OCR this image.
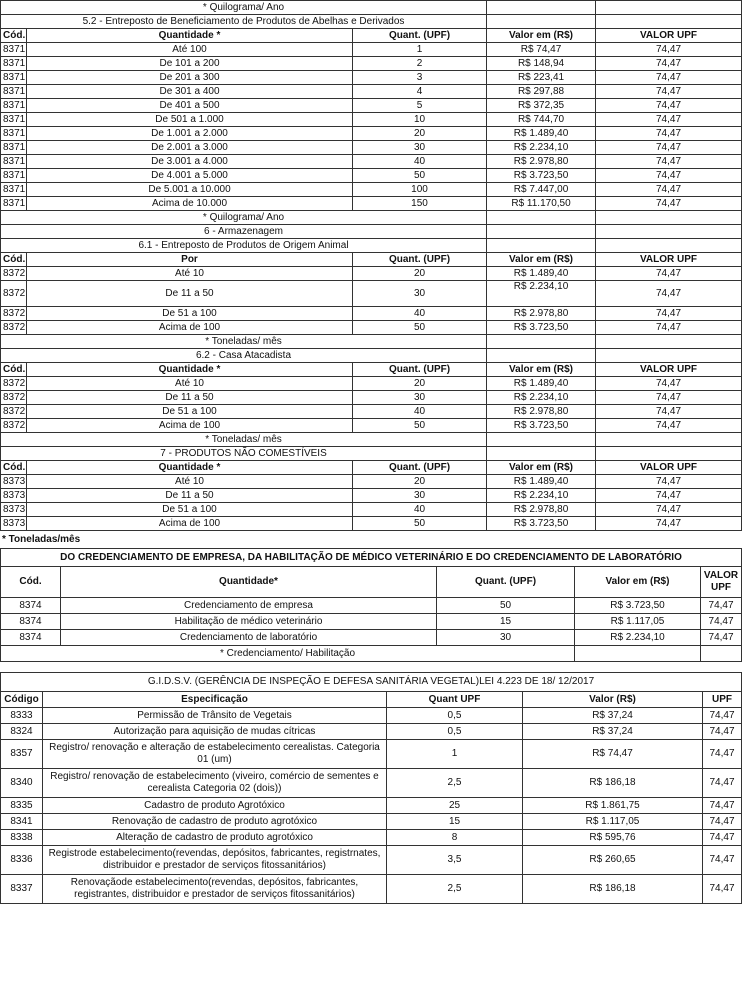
* Quilograma/ Ano				
5.2 - Entreposto de Beneficiamento de Produtos de Abelhas e Derivados				
Cód.	Quantidade *	Quant. (UPF)	Valor em (R$)	VALOR UPF
8371	Até 100	1	R$ 74,47	74,47
8371	De 101 a 200	2	R$ 148,94	74,47
8371	De 201 a 300	3	R$ 223,41	74,47
8371	De 301 a 400	4	R$ 297,88	74,47
8371	De 401 a 500	5	R$ 372,35	74,47
8371	De 501 a 1.000	10	R$ 744,70	74,47
8371	De 1.001 a 2.000	20	R$ 1.489,40	74,47
8371	De 2.001 a 3.000	30	R$ 2.234,10	74,47
8371	De 3.001 a 4.000	40	R$ 2.978,80	74,47
8371	De 4.001 a 5.000	50	R$ 3.723,50	74,47
8371	De 5.001 a 10.000	100	R$ 7.447,00	74,47
8371	Acima de 10.000	150	R$ 11.170,50	74,47
* Quilograma/ Ano				
6 - Armazenagem				
6.1 - Entreposto de Produtos de Origem Animal				
Cód.	Por	Quant. (UPF)	Valor em (R$)	VALOR UPF
8372	Até 10	20	R$ 1.489,40	74,47
8372	De 11 a 50	30	R$ 2.234,10	74,47
8372	De 51 a 100	40	R$ 2.978,80	74,47
8372	Acima de 100	50	R$ 3.723,50	74,47
* Toneladas/ mês				
6.2 - Casa Atacadista				
Cód.	Quantidade *	Quant. (UPF)	Valor em (R$)	VALOR UPF
8372	Até 10	20	R$ 1.489,40	74,47
8372	De 11 a 50	30	R$ 2.234,10	74,47
8372	De 51 a 100	40	R$ 2.978,80	74,47
8372	Acima de 100	50	R$ 3.723,50	74,47
* Toneladas/ mês				
7 - PRODUTOS NÃO COMESTÍVEIS				
Cód.	Quantidade *	Quant. (UPF)	Valor em (R$)	VALOR UPF
8373	Até 10	20	R$ 1.489,40	74,47
8373	De 11 a 50	30	R$ 2.234,10	74,47
8373	De 51 a 100	40	R$ 2.978,80	74,47
8373	Acima de 100	50	R$ 3.723,50	74,47
* Toneladas/mês
DO CREDENCIAMENTO DE EMPRESA, DA HABILITAÇÃO DE MÉDICO VETERINÁRIO E DO CREDENCIAMENTO DE LABORATÓRIO				
Cód.	Quantidade*	Quant. (UPF)	Valor em (R$)	VALOR UPF
8374	Credenciamento de empresa	50	R$ 3.723,50	74,47
8374	Habilitação de médico veterinário	15	R$ 1.117,05	74,47
8374	Credenciamento de laboratório	30	R$ 2.234,10	74,47
* Credenciamento/ Habilitação				
G.I.D.S.V. (GERÊNCIA DE INSPEÇÃO E DEFESA SANITÁRIA VEGETAL)LEI 4.223 DE 18/ 12/2017				
Código	Especificação	Quant UPF	Valor (R$)	UPF
8333	Permissão de Trânsito de Vegetais	0,5	R$ 37,24	74,47
8324	Autorização para aquisição de mudas cítricas	0,5	R$ 37,24	74,47
8357	Registro/ renovação e alteração de estabelecimento cerealistas. Categoria 01 (um)	1	R$ 74,47	74,47
8340	Registro/ renovação de estabelecimento (viveiro, comércio de sementes e cerealista Categoria 02 (dois))	2,5	R$ 186,18	74,47
8335	Cadastro de produto Agrotóxico	25	R$ 1.861,75	74,47
8341	Renovação de cadastro de produto agrotóxico	15	R$ 1.117,05	74,47
8338	Alteração de cadastro de produto agrotóxico	8	R$ 595,76	74,47
8336	Registrode estabelecimento(revendas, depósitos, fabricantes, registrnates, distribuidor e prestador de serviços fitossanitários)	3,5	R$ 260,65	74,47
8337	Renovaçãode estabelecimento(revendas, depósitos, fabricantes, registrantes, distribuidor e prestador de serviços fitossanitários)	2,5	R$ 186,18	74,47
